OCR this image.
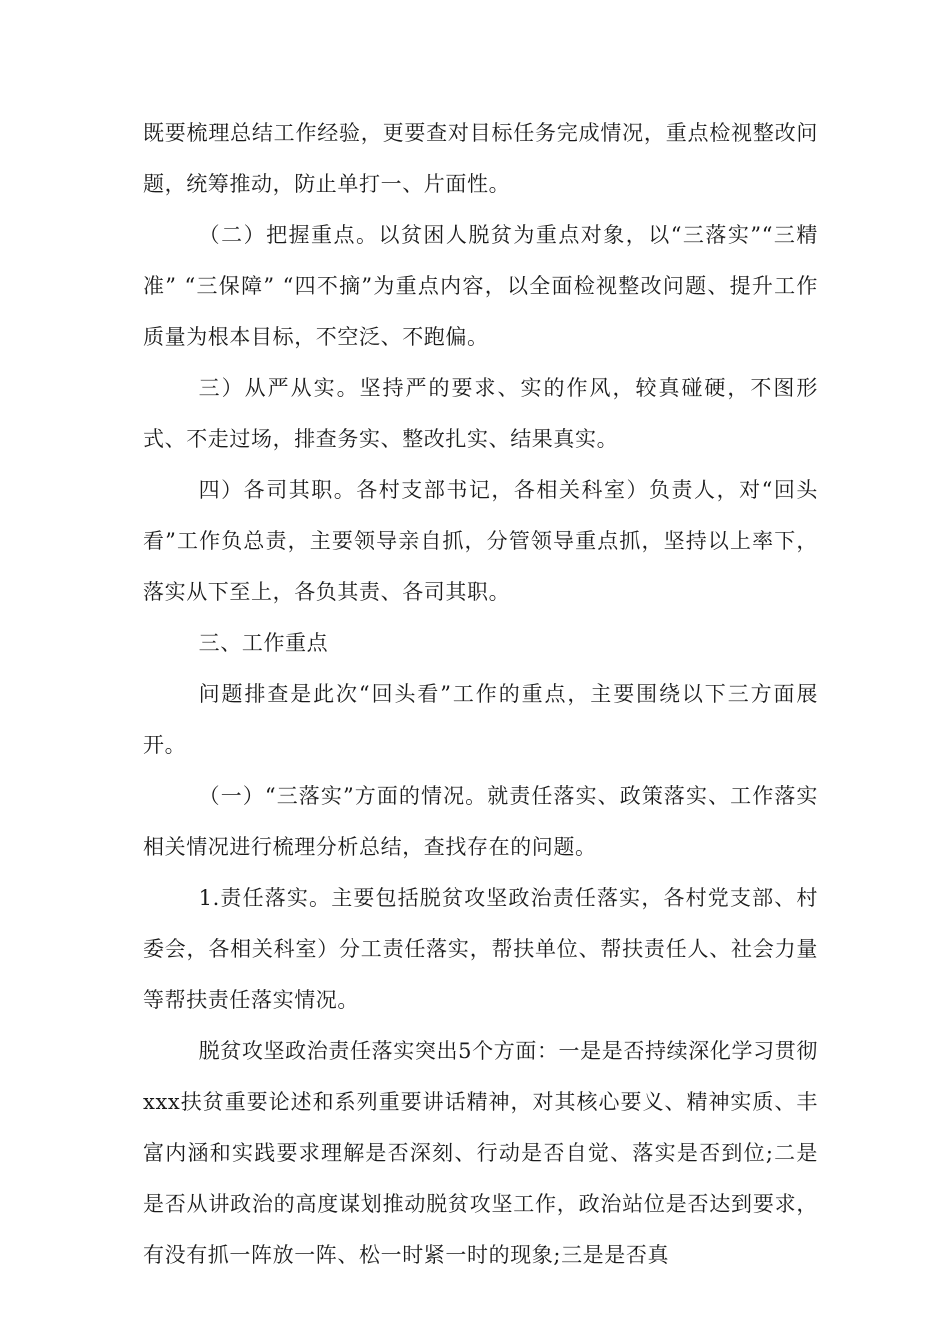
既要梳理总结工作经验，更要查对目标任务完成情况，重点检视整改问题，统筹推动，防止单打一、片面性。

（二）把握重点。以贫困人脱贫为重点对象，以“三落实”“三精准” “三保障” “四不摘”为重点内容，以全面检视整改问题、提升工作质量为根本目标，不空泛、不跑偏。

三）从严从实。坚持严的要求、实的作风，较真碰硬，不图形式、不走过场，排查务实、整改扎实、结果真实。

四）各司其职。各村支部书记，各相关科室）负责人，对“回头看”工作负总责，主要领导亲自抓，分管领导重点抓，坚持以上率下，落实从下至上，各负其责、各司其职。

三、工作重点

问题排查是此次“回头看”工作的重点，主要围绕以下三方面展开。

（一）“三落实”方面的情况。就责任落实、政策落实、工作落实相关情况进行梳理分析总结，查找存在的问题。

1.责任落实。主要包括脱贫攻坚政治责任落实，各村党支部、村委会，各相关科室）分工责任落实，帮扶单位、帮扶责任人、社会力量等帮扶责任落实情况。

脱贫攻坚政治责任落实突出5个方面：一是是否持续深化学习贯彻xxx扶贫重要论述和系列重要讲话精神，对其核心要义、精神实质、丰富内涵和实践要求理解是否深刻、行动是否自觉、落实是否到位;二是是否从讲政治的高度谋划推动脱贫攻坚工作，政治站位是否达到要求，有没有抓一阵放一阵、松一时紧一时的现象;三是是否真
